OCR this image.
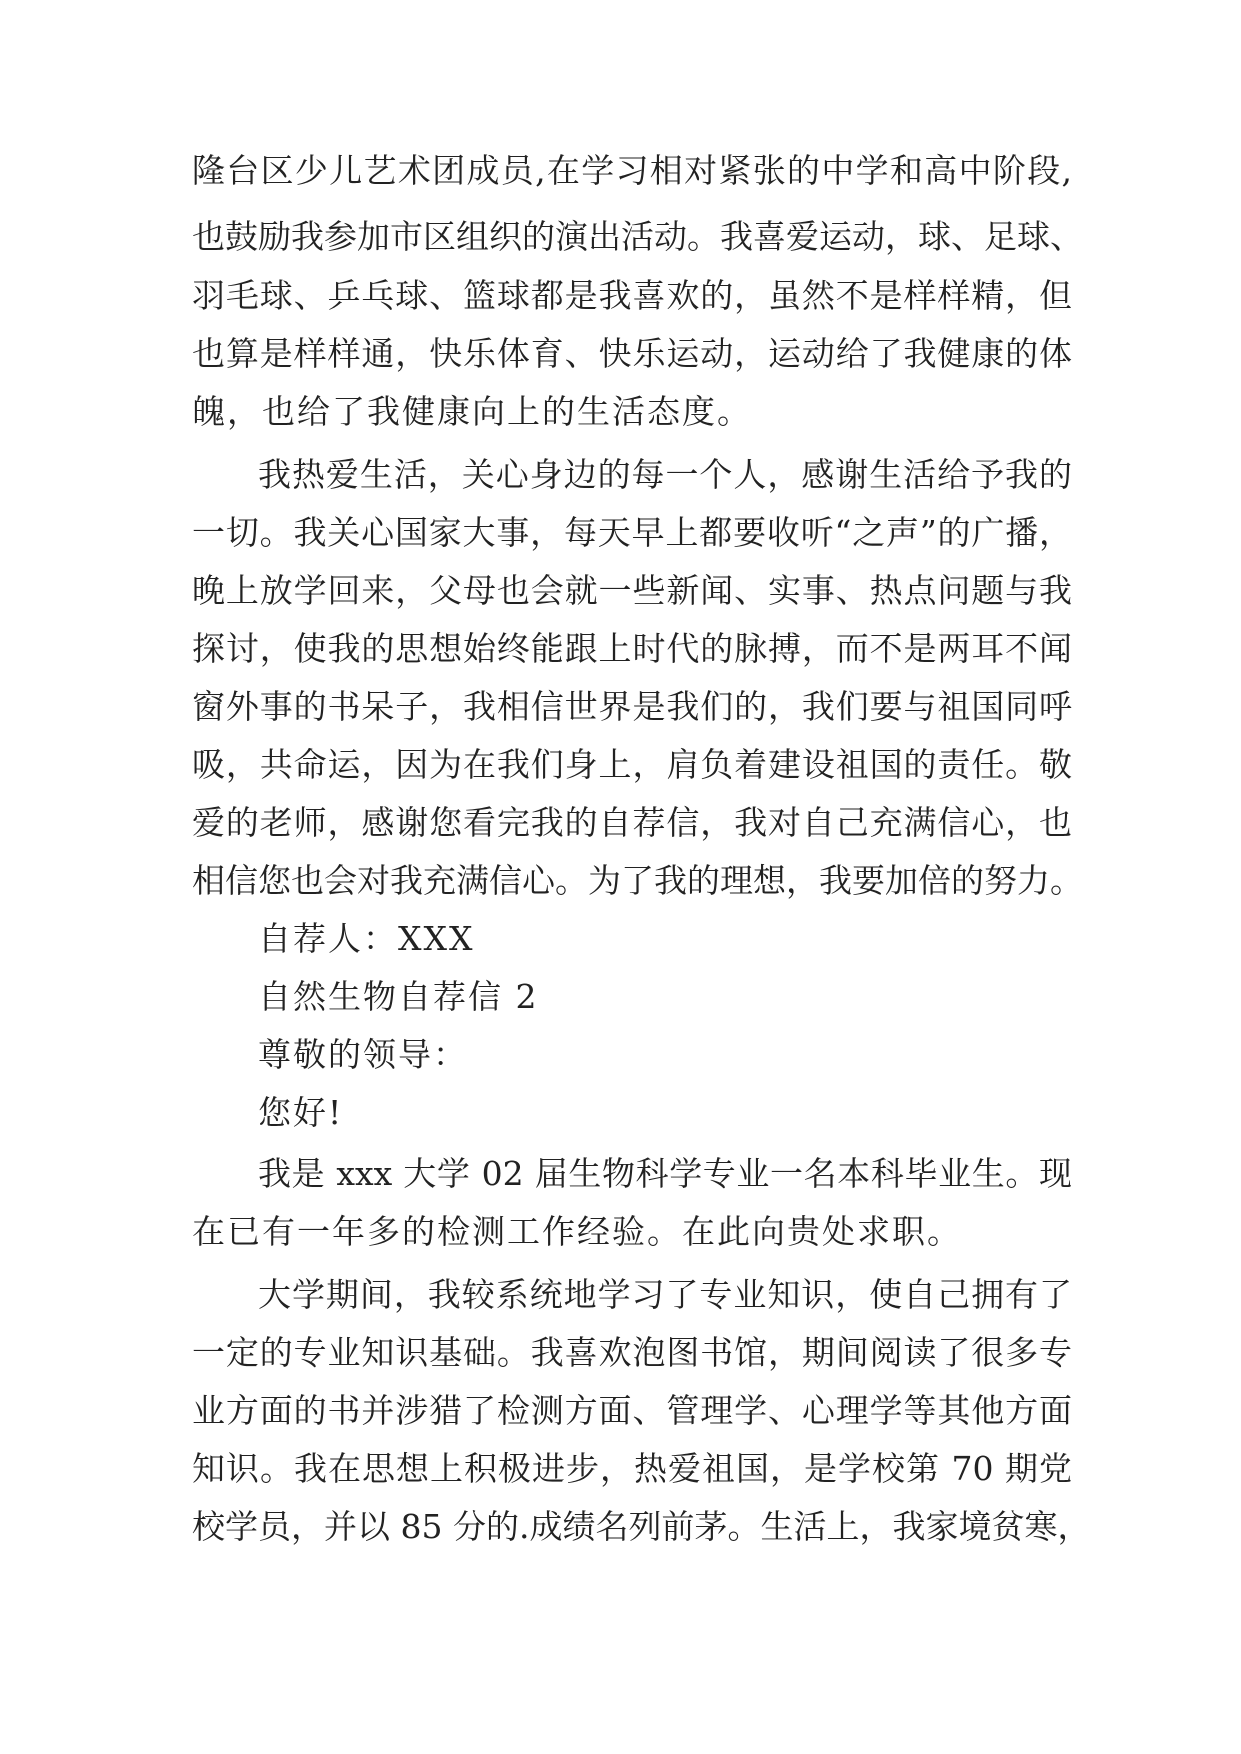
隆台区少儿艺术团成员,在学习相对紧张的中学和高中阶段,
也鼓励我参加市区组织的演出活动。我喜爱运动，球、足球、
羽毛球、乒乓球、篮球都是我喜欢的，虽然不是样样精，但
也算是样样通，快乐体育、快乐运动，运动给了我健康的体
魄，也给了我健康向上的生活态度。
我热爱生活，关心身边的每一个人，感谢生活给予我的
一切。我关心国家大事，每天早上都要收听“之声”的广播，
晚上放学回来，父母也会就一些新闻、实事、热点问题与我
探讨，使我的思想始终能跟上时代的脉搏，而不是两耳不闻
窗外事的书呆子，我相信世界是我们的，我们要与祖国同呼
吸，共命运，因为在我们身上，肩负着建设祖国的责任。敬
爱的老师，感谢您看完我的自荐信，我对自己充满信心，也
相信您也会对我充满信心。为了我的理想，我要加倍的努力。
自荐人：XXX
自然生物自荐信 2
尊敬的领导：
您好!
我是 xxx 大学 02 届生物科学专业一名本科毕业生。现
在已有一年多的检测工作经验。在此向贵处求职。
大学期间，我较系统地学习了专业知识，使自己拥有了
一定的专业知识基础。我喜欢泡图书馆，期间阅读了很多专
业方面的书并涉猎了检测方面、管理学、心理学等其他方面
知识。我在思想上积极进步，热爱祖国，是学校第 70 期党
校学员，并以 85 分的.成绩名列前茅。生活上，我家境贫寒，
